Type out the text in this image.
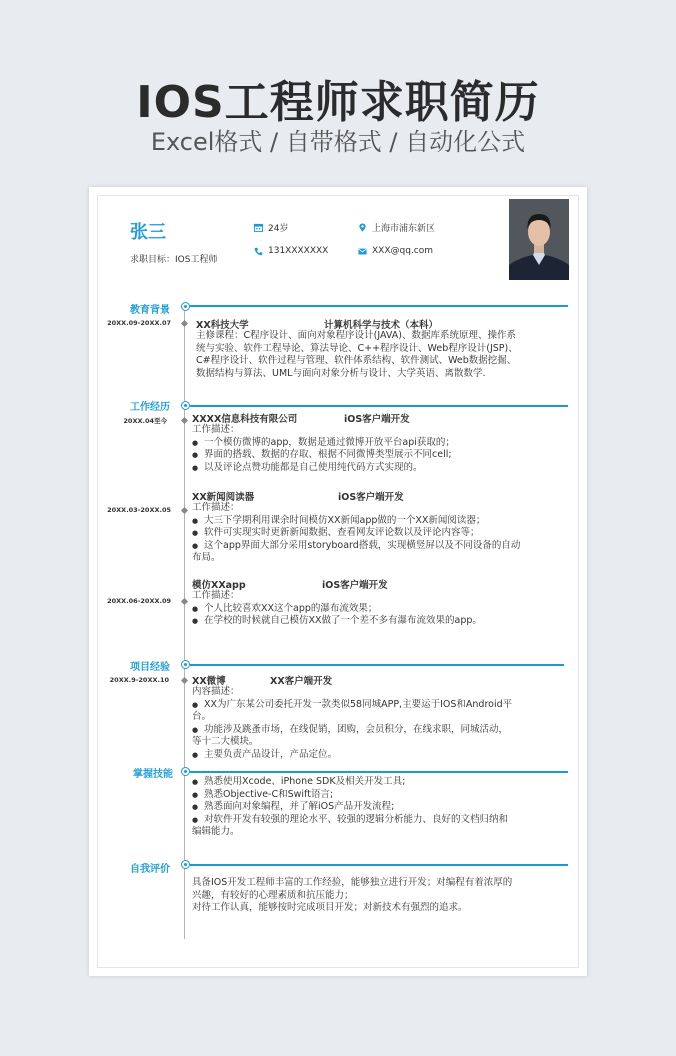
IOS工程师求职简历
Excel格式 / 自带格式 / 自动化公式
张三
求职目标：IOS工程师
24岁	上海市浦东新区
131XXXXXXX	XXX@qq.com
教育背景
20XX.09-20XX.07	XX科技大学	计算机科学与技术（本科）
主修课程：C程序设计、面向对象程序设计(JAVA)、数据库系统原理、操作系
统与实验、软件工程导论、算法导论、C++程序设计、Web程序设计(JSP)、
C#程序设计、软件过程与管理、软件体系结构、软件测试、Web数据挖掘、
数据结构与算法、UML与面向对象分析与设计、大学英语、离散数学.
工作经历
20XX.04至今	XXXX信息科技有限公司	iOS客户端开发
工作描述：
● 一个模仿微博的app，数据是通过微博开放平台api获取的；
● 界面的搭载、数据的存取、根据不同微博类型展示不同cell;
● 以及评论点赞功能都是自己使用纯代码方式实现的。
20XX.03-20XX.05
XX新闻阅读器	iOS客户端开发
工作描述：
● 大三下学期利用课余时间模仿XX新闻app做的一个XX新闻阅读器；
● 软件可实现实时更新新闻数据、查看网友评论数以及评论内容等；
● 这个app界面大部分采用storyboard搭载，实现横竖屏以及不同设备的自动
布局。
20XX.06-20XX.09
模仿XXapp	iOS客户端开发
工作描述：
● 个人比较喜欢XX这个app的瀑布流效果；
● 在学校的时候就自己模仿XX做了一个差不多有瀑布流效果的app。
项目经验
20XX.9-20XX.10 XX微博	XX客户端开发
内容描述：
● XX为广东某公司委托开发一款类似58同城APP,主要运于IOS和Android平
台。
● 功能涉及跳蚤市场，在线促销，团购，会员积分，在线求职，同城活动，
等十二大模块。
● 主要负责产品设计，产品定位。
掌握技能
● 熟悉使用Xcode、iPhone SDK及相关开发工具;
● 熟悉Objective-C和Swift语言;
● 熟悉面向对象编程，并了解iOS产品开发流程;
● 对软件开发有较强的理论水平、较强的逻辑分析能力、良好的文档归纳和
编辑能力。
自我评价
具备IOS开发工程师丰富的工作经验，能够独立进行开发；对编程有着浓厚的
兴趣，有较好的心理素质和抗压能力；
对待工作认真，能够按时完成项目开发；对新技术有强烈的追求。
